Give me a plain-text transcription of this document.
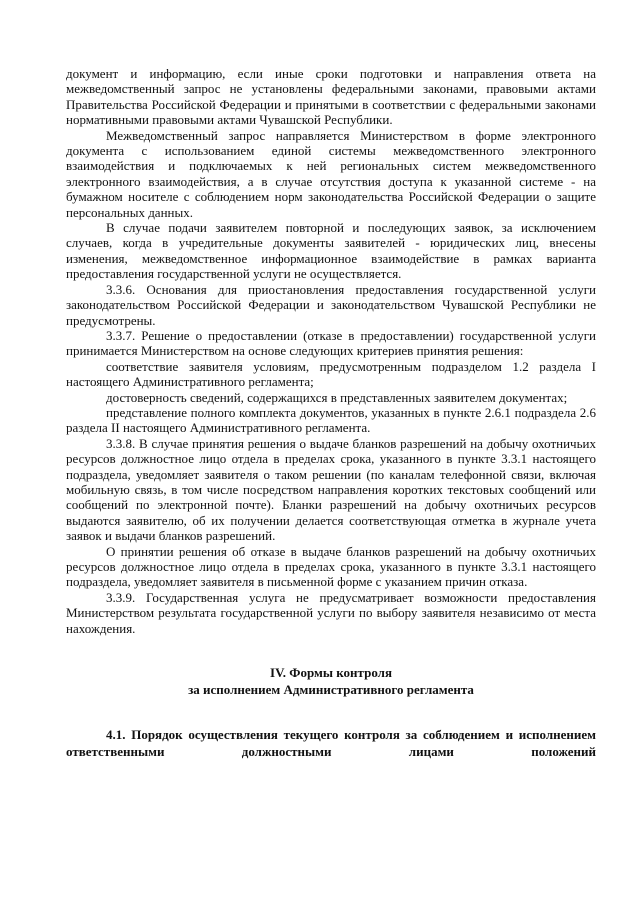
документ и информацию, если иные сроки подготовки и направления ответа на межведомственный запрос не установлены федеральными законами, правовыми актами Правительства Российской Федерации и принятыми в соответствии с федеральными законами нормативными правовыми актами Чувашской Республики.

Межведомственный запрос направляется Министерством в форме электронного документа с использованием единой системы межведомственного электронного взаимодействия и подключаемых к ней региональных систем межведомственного электронного взаимодействия, а в случае отсутствия доступа к указанной системе - на бумажном носителе с соблюдением норм законодательства Российской Федерации о защите персональных данных.

В случае подачи заявителем повторной и последующих заявок, за исключением случаев, когда в учредительные документы заявителей - юридических лиц, внесены изменения, межведомственное информационное взаимодействие в рамках варианта предоставления государственной услуги не осуществляется.

3.3.6. Основания для приостановления предоставления государственной услуги законодательством Российской Федерации и законодательством Чувашской Республики не предусмотрены.

3.3.7. Решение о предоставлении (отказе в предоставлении) государственной услуги принимается Министерством на основе следующих критериев принятия решения:

соответствие заявителя условиям, предусмотренным подразделом 1.2 раздела I настоящего Административного регламента;

достоверность сведений, содержащихся в представленных заявителем документах;

представление полного комплекта документов, указанных в пункте 2.6.1 подраздела 2.6 раздела II настоящего Административного регламента.

3.3.8. В случае принятия решения о выдаче бланков разрешений на добычу охотничьих ресурсов должностное лицо отдела в пределах срока, указанного в пункте 3.3.1 настоящего подраздела, уведомляет заявителя о таком решении (по каналам телефонной связи, включая мобильную связь, в том числе посредством направления коротких текстовых сообщений или сообщений по электронной почте). Бланки разрешений на добычу охотничьих ресурсов выдаются заявителю, об их получении делается соответствующая отметка в журнале учета заявок и выдачи бланков разрешений.

О принятии решения об отказе в выдаче бланков разрешений на добычу охотничьих ресурсов должностное лицо отдела в пределах срока, указанного в пункте 3.3.1 настоящего подраздела, уведомляет заявителя в письменной форме с указанием причин отказа.

3.3.9. Государственная услуга не предусматривает возможности предоставления Министерством результата государственной услуги по выбору заявителя независимо от места нахождения.

IV. Формы контроля
за исполнением Административного регламента

4.1. Порядок осуществления текущего контроля за соблюдением и исполнением ответственными должностными лицами положений
